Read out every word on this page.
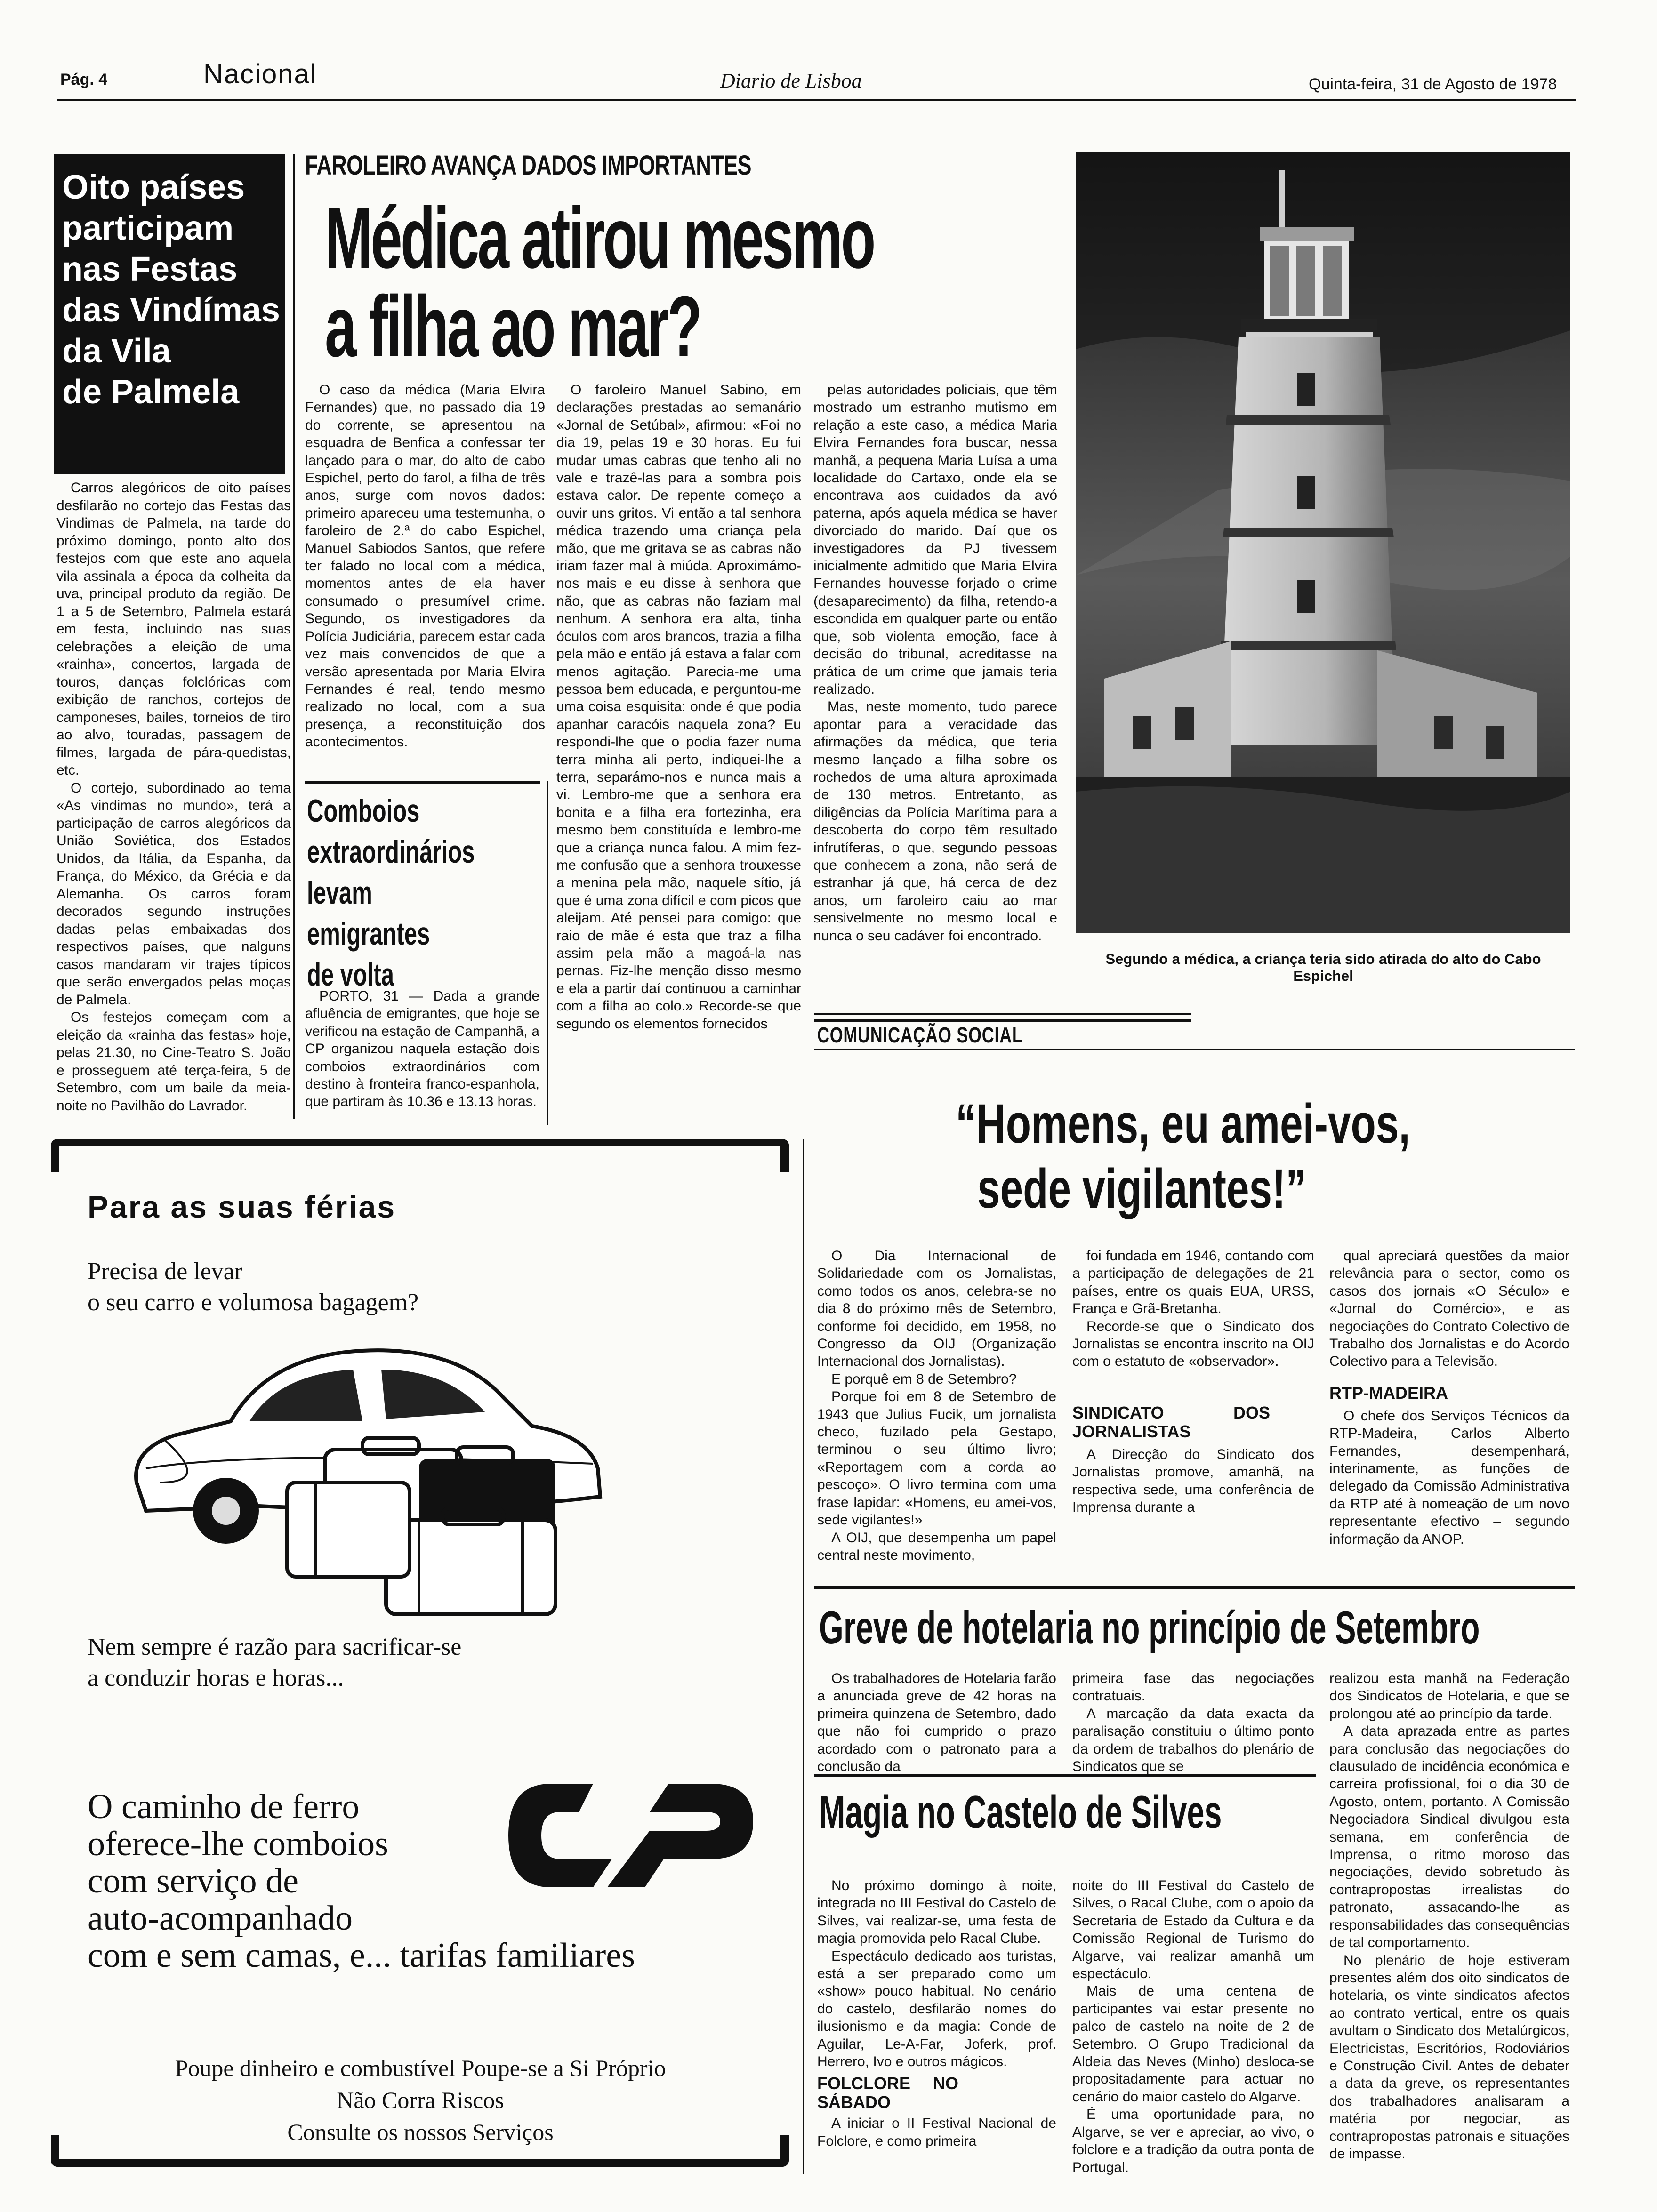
Pág. 4	Nacional	Diario de Lisboa	Quinta-feira, 31 de Agosto de 1978
Oito países
participam
nas Festas
das Vindímas
da Vila
de Palmela

Carros alegóricos de oito países desfilarão no cortejo das Festas das Vindimas de Palmela, na tarde do próximo domingo, ponto alto dos festejos com que este ano aquela vila assinala a época da colheita da uva, principal produto da região. De 1 a 5 de Setembro, Palmela estará em festa, incluindo nas suas celebrações a eleição de uma «rainha», concertos, largada de touros, danças folclóricas com exibição de ranchos, cortejos de camponeses, bailes, torneios de tiro ao alvo, touradas, passagem de filmes, largada de pára-quedistas, etc.

O cortejo, subordinado ao tema «As vindimas no mundo», terá a participação de carros alegóricos da União Soviética, dos Estados Unidos, da Itália, da Espanha, da França, do México, da Grécia e da Alemanha. Os carros foram decorados segundo instruções dadas pelas embaixadas dos respectivos países, que nalguns casos mandaram vir trajes típicos que serão envergados pelas moças de Palmela.

Os festejos começam com a eleição da «rainha das festas» hoje, pelas 21.30, no Cine-Teatro S. João e prosseguem até terça-feira, 5 de Setembro, com um baile da meia-noite no Pavilhão do Lavrador.

FAROLEIRO AVANÇA DADOS IMPORTANTES
Médica atirou mesmo
a filha ao mar?

O caso da médica (Maria Elvira Fernandes) que, no passado dia 19 do corrente, se apresentou na esquadra de Benfica a confessar ter lançado para o mar, do alto de cabo Espichel, perto do farol, a filha de três anos, surge com novos dados: primeiro apareceu uma testemunha, o faroleiro de 2.ª do cabo Espichel, Manuel Sabiodos Santos, que refere ter falado no local com a médica, momentos antes de ela haver consumado o presumível crime. Segundo, os investigadores da Polícia Judiciária, parecem estar cada vez mais convencidos de que a versão apresentada por Maria Elvira Fernandes é real, tendo mesmo realizado no local, com a sua presença, a reconstituição dos acontecimentos.

O faroleiro Manuel Sabino, em declarações prestadas ao semanário «Jornal de Setúbal», afirmou: «Foi no dia 19, pelas 19 e 30 horas. Eu fui mudar umas cabras que tenho ali no vale e trazê-las para a sombra pois estava calor. De repente começo a ouvir uns gritos. Vi então a tal senhora médica trazendo uma criança pela mão, que me gritava se as cabras não iriam fazer mal à miúda. Aproximámo-nos mais e eu disse à senhora que não, que as cabras não faziam mal nenhum. A senhora era alta, tinha óculos com aros brancos, trazia a filha pela mão e então já estava a falar com menos agitação. Parecia-me uma pessoa bem educada, e perguntou-me uma coisa esquisita: onde é que podia apanhar caracóis naquela zona? Eu respondi-lhe que o podia fazer numa terra minha ali perto, indiquei-lhe a terra, separámo-nos e nunca mais a vi. Lembro-me que a senhora era bonita e a filha era fortezinha, era mesmo bem constituída e lembro-me que a criança nunca falou. A mim fez-me confusão que a senhora trouxesse a menina pela mão, naquele sítio, já que é uma zona difícil e com picos que aleijam. Até pensei para comigo: que raio de mãe é esta que traz a filha assim pela mão a magoá-la nas pernas. Fiz-lhe menção disso mesmo e ela a partir daí continuou a caminhar com a filha ao colo.» Recorde-se que segundo os elementos fornecidos

pelas autoridades policiais, que têm mostrado um estranho mutismo em relação a este caso, a médica Maria Elvira Fernandes fora buscar, nessa manhã, a pequena Maria Luísa a uma localidade do Cartaxo, onde ela se encontrava aos cuidados da avó paterna, após aquela médica se haver divorciado do marido. Daí que os investigadores da PJ tivessem inicialmente admitido que Maria Elvira Fernandes houvesse forjado o crime (desaparecimento) da filha, retendo-a escondida em qualquer parte ou então que, sob violenta emoção, face à decisão do tribunal, acreditasse na prática de um crime que jamais teria realizado.

Mas, neste momento, tudo parece apontar para a veracidade das afirmações da médica, que teria mesmo lançado a filha sobre os rochedos de uma altura aproximada de 130 metros. Entretanto, as diligências da Polícia Marítima para a descoberta do corpo têm resultado infrutíferas, o que, segundo pessoas que conhecem a zona, não será de estranhar já que, há cerca de dez anos, um faroleiro caiu ao mar sensivelmente no mesmo local e nunca o seu cadáver foi encontrado.

Segundo a médica, a criança teria sido atirada do alto do Cabo Espichel
Comboios
extraordinários
levam
emigrantes
de volta

PORTO, 31 — Dada a grande afluência de emigrantes, que hoje se verificou na estação de Campanhã, a CP organizou naquela estação dois comboios extraordinários com destino à fronteira franco-espanhola, que partiram às 10.36 e 13.13 horas.

Para as suas férias
Precisa de levar
o seu carro e volumosa bagagem?
Nem sempre é razão para sacrificar-se
a conduzir horas e horas...
O caminho de ferro
oferece-lhe comboios
com serviço de
auto-acompanhado
com e sem camas, e... tarifas familiares
Poupe dinheiro e combustível Poupe-se a Si Próprio
Não Corra Riscos
Consulte os nossos Serviços
COMUNICAÇÃO SOCIAL
“Homens, eu amei-vos,
sede vigilantes!”

O Dia Internacional de Solidariedade com os Jornalistas, como todos os anos, celebra-se no dia 8 do próximo mês de Setembro, conforme foi decidido, em 1958, no Congresso da OIJ (Organização Internacional dos Jornalistas).

E porquê em 8 de Setembro?

Porque foi em 8 de Setembro de 1943 que Julius Fucik, um jornalista checo, fuzilado pela Gestapo, terminou o seu último livro; «Reportagem com a corda ao pescoço». O livro termina com uma frase lapidar: «Homens, eu amei-vos, sede vigilantes!»

A OIJ, que desempenha um papel central neste movimento,

foi fundada em 1946, contando com a participação de delegações de 21 países, entre os quais EUA, URSS, França e Grã-Bretanha.

Recorde-se que o Sindicato dos Jornalistas se encontra inscrito na OIJ com o estatuto de «observador».

SINDICATO DOS JORNALISTAS

A Direcção do Sindicato dos Jornalistas promove, amanhã, na respectiva sede, uma conferência de Imprensa durante a

qual apreciará questões da maior relevância para o sector, como os casos dos jornais «O Século» e «Jornal do Comércio», e as negociações do Contrato Colectivo de Trabalho dos Jornalistas e do Acordo Colectivo para a Televisão.

RTP-MADEIRA

O chefe dos Serviços Técnicos da RTP-Madeira, Carlos Alberto Fernandes, desempenhará, interinamente, as funções de delegado da Comissão Administrativa da RTP até à nomeação de um novo representante efectivo – segundo informação da ANOP.

Greve de hotelaria no princípio de Setembro

Os trabalhadores de Hotelaria farão a anunciada greve de 42 horas na primeira quinzena de Setembro, dado que não foi cumprido o prazo acordado com o patronato para a conclusão da

primeira fase das negociações contratuais.

A marcação da data exacta da paralisação constituiu o último ponto da ordem de trabalhos do plenário de Sindicatos que se

realizou esta manhã na Federação dos Sindicatos de Hotelaria, e que se prolongou até ao princípio da tarde.

A data aprazada entre as partes para conclusão das negociações do clausulado de incidência económica e carreira profissional, foi o dia 30 de Agosto, ontem, portanto. A Comissão Negociadora Sindical divulgou esta semana, em conferência de Imprensa, o ritmo moroso das negociações, devido sobretudo às contrapropostas irrealistas do patronato, assacando-lhe as responsabilidades das consequências de tal comportamento.

No plenário de hoje estiveram presentes além dos oito sindicatos de hotelaria, os vinte sindicatos afectos ao contrato vertical, entre os quais avultam o Sindicato dos Metalúrgicos, Electricistas, Escritórios, Rodoviários e Construção Civil. Antes de debater a data da greve, os representantes dos trabalhadores analisaram a matéria por negociar, as contrapropostas patronais e situações de impasse.

Magia no Castelo de Silves

No próximo domingo à noite, integrada no III Festival do Castelo de Silves, vai realizar-se, uma festa de magia promovida pelo Racal Clube.

Espectáculo dedicado aos turistas, está a ser preparado como um «show» pouco habitual. No cenário do castelo, desfilarão nomes do ilusionismo e da magia: Conde de Aguilar, Le-A-Far, Joferk, prof. Herrero, Ivo e outros mágicos.

FOLCLORE NO SÁBADO

A iniciar o II Festival Nacional de Folclore, e como primeira

noite do III Festival do Castelo de Silves, o Racal Clube, com o apoio da Secretaria de Estado da Cultura e da Comissão Regional de Turismo do Algarve, vai realizar amanhã um espectáculo.

Mais de uma centena de participantes vai estar presente no palco de castelo na noite de 2 de Setembro. O Grupo Tradicional da Aldeia das Neves (Minho) desloca-se propositadamente para actuar no cenário do maior castelo do Algarve.

É uma oportunidade para, no Algarve, se ver e apreciar, ao vivo, o folclore e a tradição da outra ponta de Portugal.
